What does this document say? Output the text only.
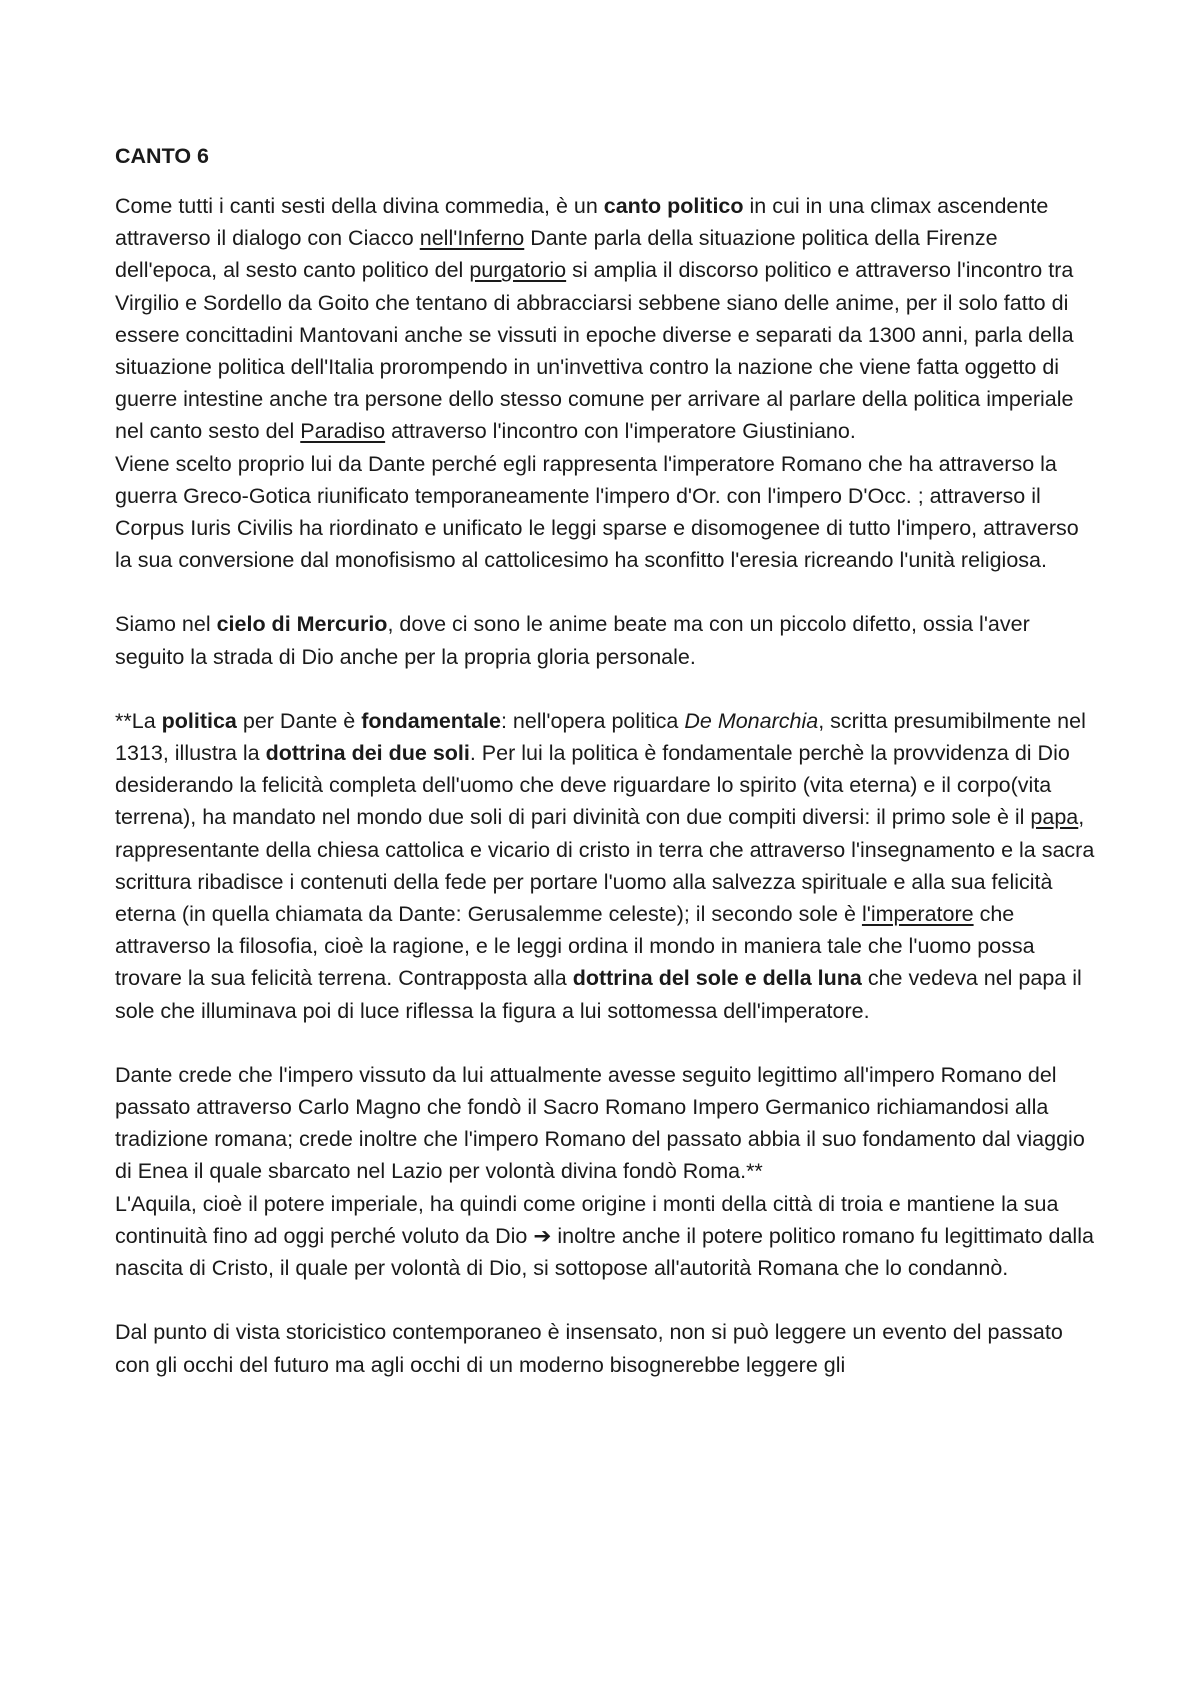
CANTO 6

Come tutti i canti sesti della divina commedia, è un canto politico in cui in una climax ascendente attraverso il dialogo con Ciacco nell'Inferno Dante parla della situazione politica della Firenze dell'epoca, al sesto canto politico del purgatorio si amplia il discorso politico e attraverso l'incontro tra Virgilio e Sordello da Goito che tentano di abbracciarsi sebbene siano delle anime, per il solo fatto di essere concittadini Mantovani anche se vissuti in epoche diverse e separati da 1300 anni, parla della situazione politica dell'Italia prorompendo in un'invettiva contro la nazione che viene fatta oggetto di guerre intestine anche tra persone dello stesso comune per arrivare al parlare della politica imperiale nel canto sesto del Paradiso attraverso l'incontro con l'imperatore Giustiniano.

Viene scelto proprio lui da Dante perché egli rappresenta l'imperatore Romano che ha attraverso la guerra Greco-Gotica riunificato temporaneamente l'impero d'Or. con l'impero D'Occ. ; attraverso il Corpus Iuris Civilis ha riordinato e unificato le leggi sparse e disomogenee di tutto l'impero, attraverso la sua conversione dal monofisismo al cattolicesimo ha sconfitto l'eresia ricreando l'unità religiosa.

Siamo nel cielo di Mercurio, dove ci sono le anime beate ma con un piccolo difetto, ossia l'aver seguito la strada di Dio anche per la propria gloria personale.

**La politica per Dante è fondamentale: nell'opera politica De Monarchia, scritta presumibilmente nel 1313, illustra la dottrina dei due soli. Per lui la politica è fondamentale perchè la provvidenza di Dio desiderando la felicità completa dell'uomo che deve riguardare lo spirito (vita eterna) e il corpo(vita terrena), ha mandato nel mondo due soli di pari divinità con due compiti diversi: il primo sole è il papa, rappresentante della chiesa cattolica e vicario di cristo in terra che attraverso l'insegnamento e la sacra scrittura ribadisce i contenuti della fede per portare l'uomo alla salvezza spirituale e alla sua felicità eterna (in quella chiamata da Dante: Gerusalemme celeste); il secondo sole è l'imperatore che attraverso la filosofia, cioè la ragione, e le leggi ordina il mondo in maniera tale che l'uomo possa trovare la sua felicità terrena. Contrapposta alla dottrina del sole e della luna che vedeva nel papa il sole che illuminava poi di luce riflessa la figura a lui sottomessa dell'imperatore.

Dante crede che l'impero vissuto da lui attualmente avesse seguito legittimo all'impero Romano del passato attraverso Carlo Magno che fondò il Sacro Romano Impero Germanico richiamandosi alla tradizione romana; crede inoltre che l'impero Romano del passato abbia il suo fondamento dal viaggio di Enea il quale sbarcato nel Lazio per volontà divina fondò Roma.**

L'Aquila, cioè il potere imperiale, ha quindi come origine i monti della città di troia e mantiene la sua continuità fino ad oggi perché voluto da Dio ➔ inoltre anche il potere politico romano fu legittimato dalla nascita di Cristo, il quale per volontà di Dio, si sottopose all'autorità Romana che lo condannò.

Dal punto di vista storicistico contemporaneo è insensato, non si può leggere un evento del passato con gli occhi del futuro ma agli occhi di un moderno bisognerebbe leggere gli
